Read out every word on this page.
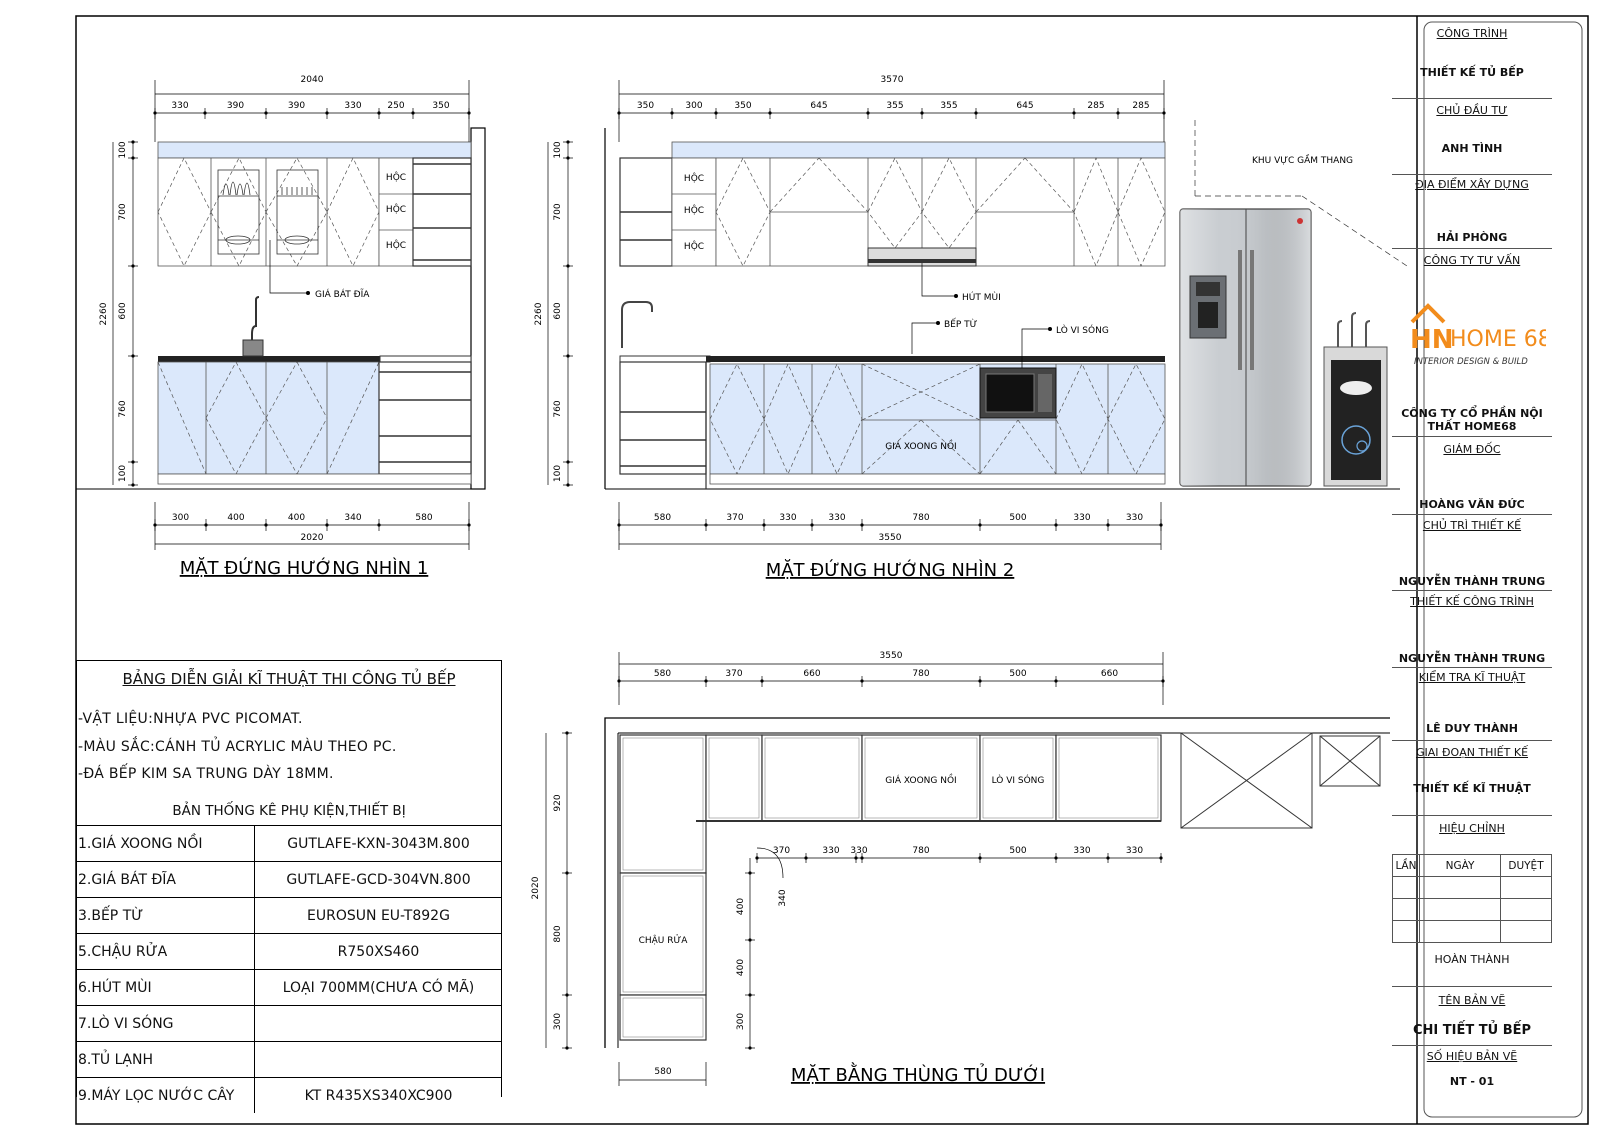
HỘC
HỘC
HỘC
GIÁ BÁT ĐĨA
2040
330	390	390	330	250	350
300	400	400	340	580
2020
100
700
600
760
100
2260
MẶT ĐỨNG HƯỚNG NHÌN 1
HỘC
HỘC
HỘC
HÚT MÙI
LÒ VI SÓNG
BẾP TỪ
GIÁ XOONG NỒI
KHU VỰC GẦM THANG
3570
350	300	350	645	355	355	645	285	285
580	370	330	330	780	500	330	330
3550
100
700
600
760
100
2260
MẶT ĐỨNG HƯỚNG NHÌN 2
CHẬU RỬA
GIÁ XOONG NỒI	LÒ VI SÓNG
3550
580	370	660	780	500	660
370	330 330	780	500	330	330
920
800
300
400
400
300
340
2020
580	MẶT BẰNG THÙNG TỦ DƯỚI
BẢNG DIỄN GIẢI KĨ THUẬT THI CÔNG TỦ BẾP
-VẬT LIỆU:NHỰA PVC PICOMAT.
-MÀU SẮC:CÁNH TỦ ACRYLIC MÀU THEO PC.
-ĐÁ BẾP KIM SA TRUNG DÀY 18MM.
BẢN THỐNG KÊ PHỤ KIỆN,THIẾT BỊ
1.GIÁ XOONG NỒI	GUTLAFE-KXN-3043M.800
2.GIÁ BÁT ĐĨA	GUTLAFE-GCD-304VN.800
3.BẾP TỪ	EUROSUN EU-T892G
5.CHẬU RỬA	R750XS460
6.HÚT MÙI	LOẠI 700MM(CHƯA CÓ MÃ)
7.LÒ VI SÓNG	
8.TỦ LẠNH	
9.MÁY LỌC NƯỚC CÂY	KT R435XS340XC900
CÔNG TRÌNH
THIẾT KẾ TỦ BẾP
CHỦ ĐẦU TƯ
ANH TÌNH
ĐỊA ĐIỂM XÂY DỰNG
HẢI PHÒNG
CÔNG TY TƯ VẤN
HN
HOME 68
INTERIOR DESIGN & BUILD
CÔNG TY CỔ PHẦN NỘI THẤT HOME68
GIÁM ĐỐC
HOÀNG VĂN ĐỨC
CHỦ TRÌ THIẾT KẾ
NGUYỄN THÀNH TRUNG
THIẾT KẾ CÔNG TRÌNH
NGUYỄN THÀNH TRUNG
KIỂM TRA KĨ THUẬT
LÊ DUY THÀNH
GIAI ĐOẠN THIẾT KẾ
THIẾT KẾ KĨ THUẬT
HIỆU CHỈNH
LẦN	NGÀY	DUYỆT

HOÀN THÀNH
TÊN BẢN VẼ
CHI TIẾT TỦ BẾP
SỐ HIỆU BẢN VẼ
NT - 01
